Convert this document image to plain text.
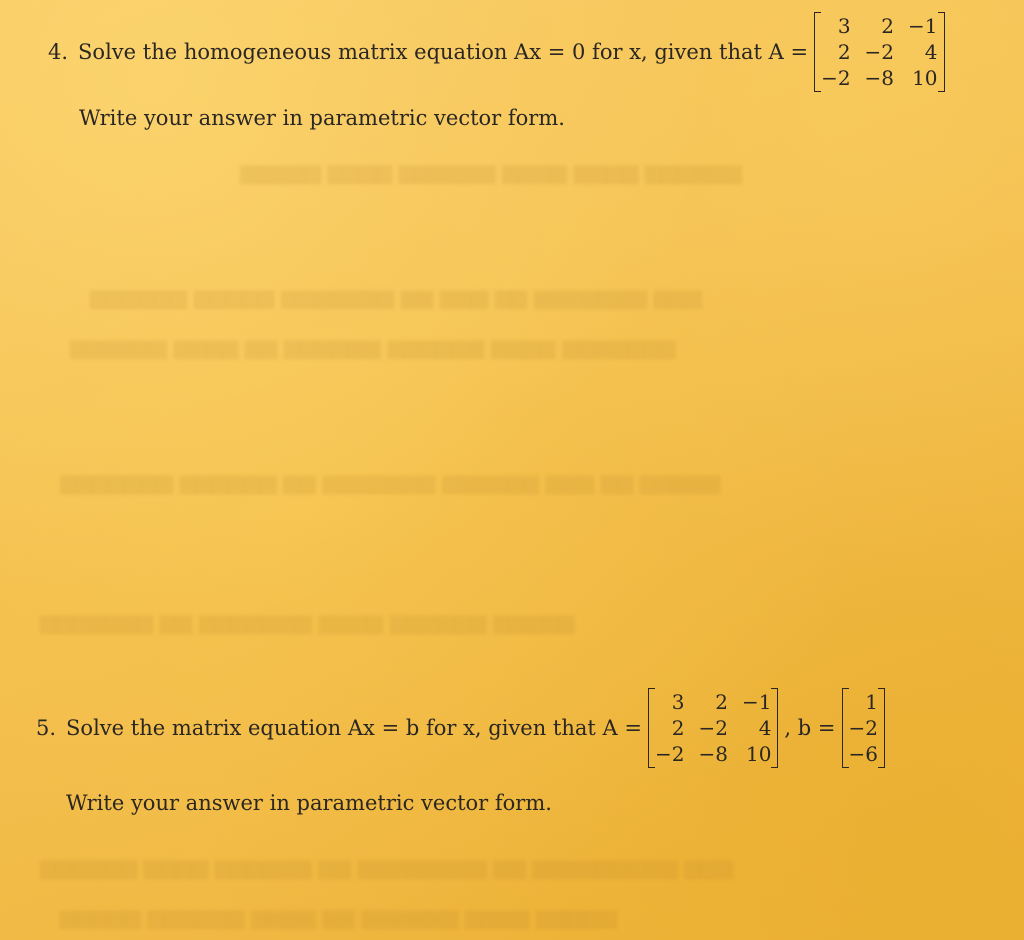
▆▆▆▆▆ ▆▆▆▆ ▆▆▆▆▆▆ ▆▆▆▆ ▆▆▆▆ ▆▆▆▆▆▆
▆▆▆▆▆▆ ▆▆▆▆▆ ▆▆▆▆▆▆▆ ▆▆ ▆▆▆ ▆▆ ▆▆▆▆▆▆▆ ▆▆▆
▆▆▆▆▆▆ ▆▆▆▆ ▆▆ ▆▆▆▆▆▆ ▆▆▆▆▆▆ ▆▆▆▆ ▆▆▆▆▆▆▆
▆▆▆▆▆▆▆ ▆▆▆▆▆▆ ▆▆ ▆▆▆▆▆▆▆ ▆▆▆▆▆▆ ▆▆▆ ▆▆ ▆▆▆▆▆
▆▆▆▆▆▆▆ ▆▆ ▆▆▆▆▆▆▆ ▆▆▆▆ ▆▆▆▆▆▆ ▆▆▆▆▆
▆▆▆▆▆▆ ▆▆▆▆ ▆▆▆▆▆▆ ▆▆ ▆▆▆▆▆▆▆▆ ▆▆ ▆▆▆▆▆▆▆▆▆ ▆▆▆
▆▆▆▆▆ ▆▆▆▆▆▆ ▆▆▆▆ ▆▆ ▆▆▆▆▆▆ ▆▆▆▆ ▆▆▆▆▆
4. Solve the homogeneous matrix equation Ax = 0 for x, given that A =
3	2 −1
2 −2	4
−2 −8 10
Write your answer in parametric vector form.
5. Solve the matrix equation Ax = b for x, given that A =
3	2 −1
2 −2	4
−2 −8 10
, b =
1
−2
−6
Write your answer in parametric vector form.
